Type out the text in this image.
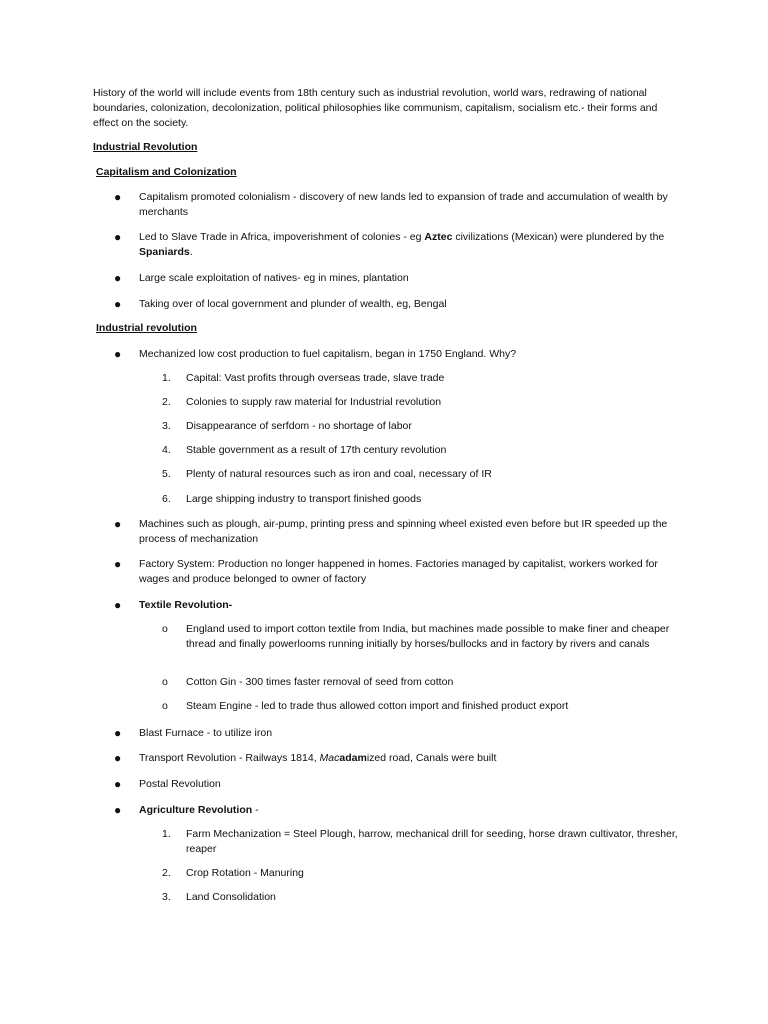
History of the world will include events from 18th century such as industrial revolution, world wars, redrawing of national boundaries, colonization, decolonization, political philosophies like communism, capitalism, socialism etc.- their forms and effect on the society.
Industrial Revolution
Capitalism and Colonization
● Capitalism promoted colonialism - discovery of new lands led to expansion of trade and accumulation of wealth by merchants
● Led to Slave Trade in Africa, impoverishment of colonies - eg Aztec civilizations (Mexican) were plundered by the Spaniards.
● Large scale exploitation of natives- eg in mines, plantation
● Taking over of local government and plunder of wealth, eg, Bengal
Industrial revolution
● Mechanized low cost production to fuel capitalism, began in 1750 England. Why?
1.	Capital: Vast profits through overseas trade, slave trade
2.	Colonies to supply raw material for Industrial revolution
3.	Disappearance of serfdom - no shortage of labor
4.	Stable government as a result of 17th century revolution
5.	Plenty of natural resources such as iron and coal, necessary of IR
6.	Large shipping industry to transport finished goods
● Machines such as plough, air-pump, printing press and spinning wheel existed even before but IR speeded up the process of mechanization
● Factory System: Production no longer happened in homes. Factories managed by capitalist, workers worked for wages and produce belonged to owner of factory
● Textile Revolution-
o	England used to import cotton textile from India, but machines made possible to make finer and cheaper thread and finally powerlooms running initially by horses/bullocks and in factory by rivers and canals
o	Cotton Gin - 300 times faster removal of seed from cotton
o	Steam Engine - led to trade thus allowed cotton import and finished product export
● Blast Furnace - to utilize iron
● Transport Revolution - Railways 1814, Macadamized road, Canals were built
● Postal Revolution
● Agriculture Revolution -
1.	Farm Mechanization = Steel Plough, harrow, mechanical drill for seeding, horse drawn cultivator, thresher, reaper
2.	Crop Rotation - Manuring
3.	Land Consolidation
